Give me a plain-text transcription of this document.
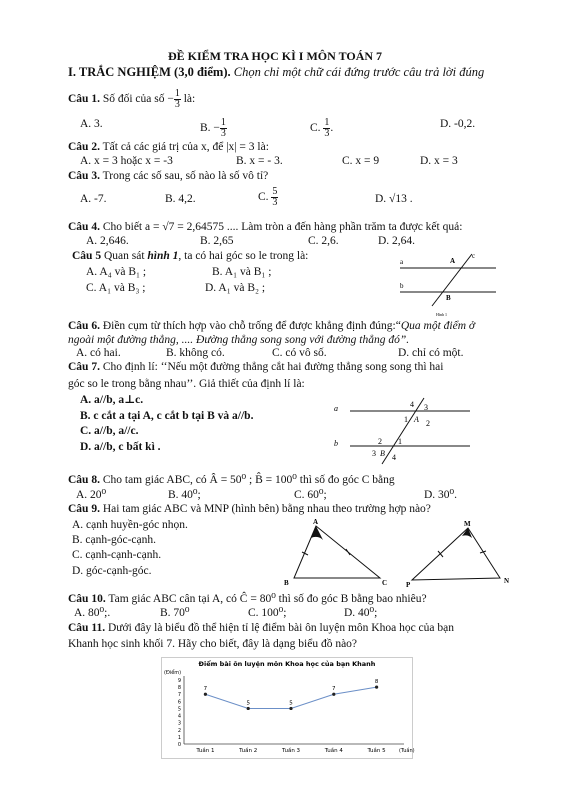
ĐỀ KIỂM TRA HỌC KÌ I MÔN TOÁN 7
I. TRẮC NGHIỆM (3,0 điểm). Chọn chỉ một chữ cái đứng trước câu trả lời đúng
Câu 1. Số đối của số − $\frac{1}{3}$ là:
A. 3.	B. − $\frac{1}{3}$	C. $\frac{1}{3}$ .	D. -0,2.
Câu 2. Tất cả các giá trị của x, để |x| = 3 là:
A. x = 3 hoặc x = -3	B. x = - 3.	C. x = 9	D. x = 3
Câu 3. Trong các số sau, số nào là số vô tỉ?
A. -7.	B. 4,2.	C. $\frac{5}{3}$	D. √13 .
Câu 4. Cho biết a = √7 = 2,64575 .... Làm tròn a đến hàng phần trăm ta được kết quả:
A. 2,646.	B. 2,65	C. 2,6.	D. 2,64.
Câu 5 Quan sát hình 1, ta có hai góc so le trong là:
A. A₄ và B₁ ;	B. A₁ và B₁ ;
C. A₁ và B₃ ;	D. A₁ và B₂ ;
a
b
c
A
B
Hình 1
Câu 6. Điền cụm từ thích hợp vào chỗ trống để được khẳng định đúng:“Qua một điểm ở
ngoài một đường thẳng, .... Đường thẳng song song với đường thẳng đó”.
A. có hai.	B. không có.	C. có vô số.	D. chỉ có một.
Câu 7. Cho định lí: ‘‘Nếu một đường thẳng cắt hai đường thẳng song song thì hai
góc so le trong bằng nhau’’. Giả thiết của định lí là:
A. a//b, a⊥c.
B. c cắt a tại A, c cắt b tại B và a//b.
C. a//b, a//c.
D. a//b, c bất kì .
a
b
4 3
1 A 2
2 1
3 B 4
Câu 8. Cho tam giác ABC, có Â = 50⁰ ; B̂ = 100⁰ thì số đo góc C bằng
A. 20⁰	B. 40⁰;	C. 60⁰;	D. 30⁰.
Câu 9. Hai tam giác ABC và MNP (hình bên) bằng nhau theo trường hợp nào?
A. cạnh huyền-góc nhọn.
B. cạnh-góc-cạnh.
C. cạnh-cạnh-cạnh.
D. góc-cạnh-góc.
A
B	C
M
P	N
Câu 10. Tam giác ABC cân tại A, có Ĉ = 80⁰ thì số đo góc B bằng bao nhiêu?
A. 80⁰;.	B. 70⁰	C. 100⁰;	D. 40⁰;
Câu 11. Dưới đây là biểu đồ thể hiện tỉ lệ điểm bài ôn luyện môn Khoa học của bạn
Khanh học sinh khối 7. Hãy cho biết, đây là dạng biểu đồ nào?
Điểm bài ôn luyện môn Khoa học của bạn Khanh
(Điểm)
0
1
2
3
4
5
6
7
8
9
Tuần 1	Tuần 2	Tuần 3	Tuần 4	Tuần 5	(Tuần)
7
5	5
7
8
